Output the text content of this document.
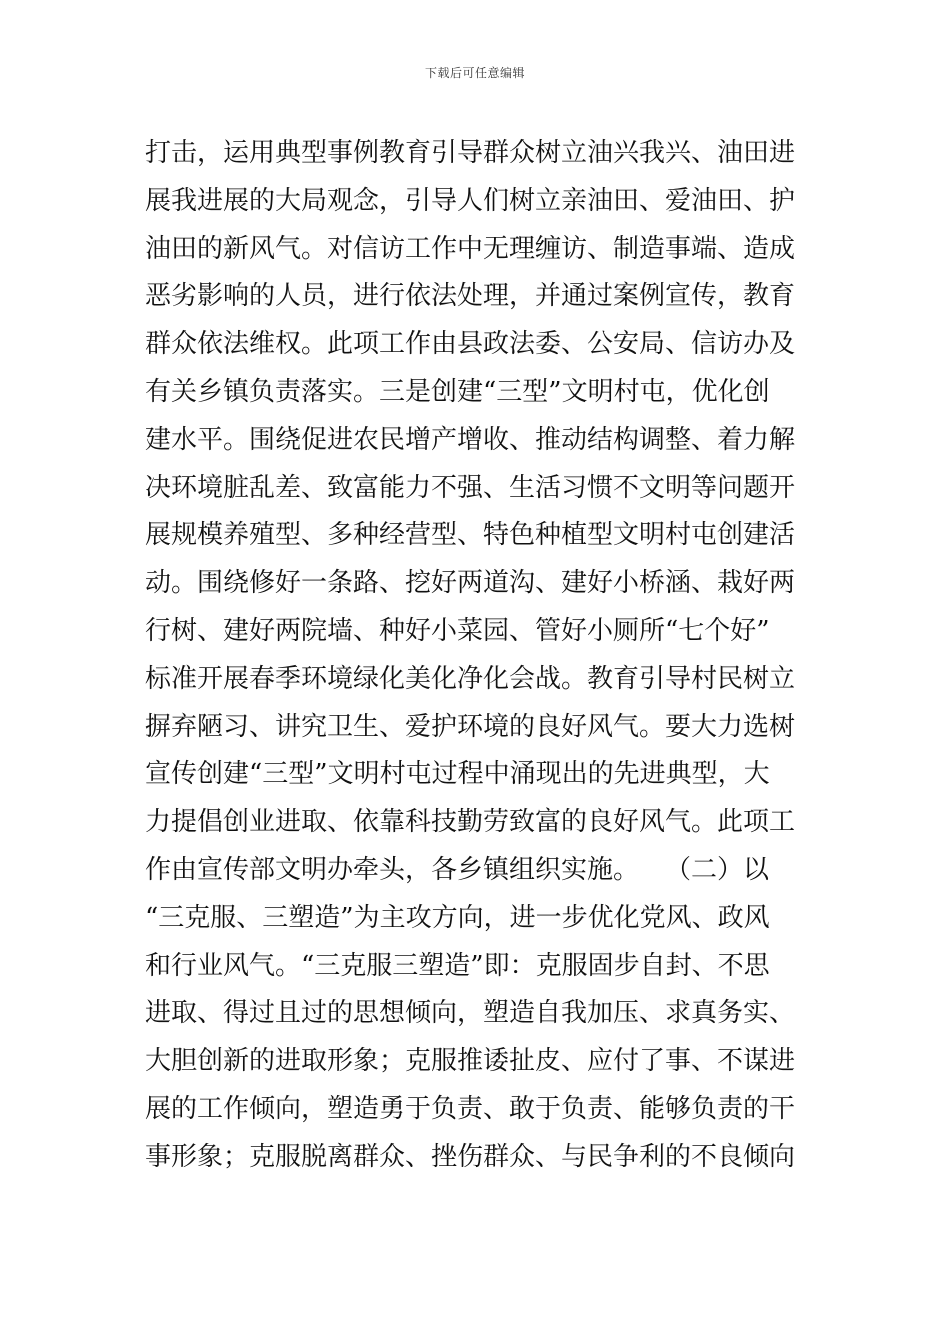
下载后可任意编辑
打击，运用典型事例教育引导群众树立油兴我兴、油田进
展我进展的大局观念，引导人们树立亲油田、爱油田、护
油田的新风气。对信访工作中无理缠访、制造事端、造成
恶劣影响的人员，进行依法处理，并通过案例宣传，教育
群众依法维权。此项工作由县政法委、公安局、信访办及
有关乡镇负责落实。三是创建“三型”文明村屯，优化创
建水平。围绕促进农民增产增收、推动结构调整、着力解
决环境脏乱差、致富能力不强、生活习惯不文明等问题开
展规模养殖型、多种经营型、特色种植型文明村屯创建活
动。围绕修好一条路、挖好两道沟、建好小桥涵、栽好两
行树、建好两院墙、种好小菜园、管好小厕所“七个好”
标准开展春季环境绿化美化净化会战。教育引导村民树立
摒弃陋习、讲究卫生、爱护环境的良好风气。要大力选树
宣传创建“三型”文明村屯过程中涌现出的先进典型，大
力提倡创业进取、依靠科技勤劳致富的良好风气。此项工
作由宣传部文明办牵头，各乡镇组织实施。　　（二）以
“三克服、三塑造”为主攻方向，进一步优化党风、政风
和行业风气。“三克服三塑造”即：克服固步自封、不思
进取、得过且过的思想倾向，塑造自我加压、求真务实、
大胆创新的进取形象；克服推诿扯皮、应付了事、不谋进
展的工作倾向，塑造勇于负责、敢于负责、能够负责的干
事形象；克服脱离群众、挫伤群众、与民争利的不良倾向
